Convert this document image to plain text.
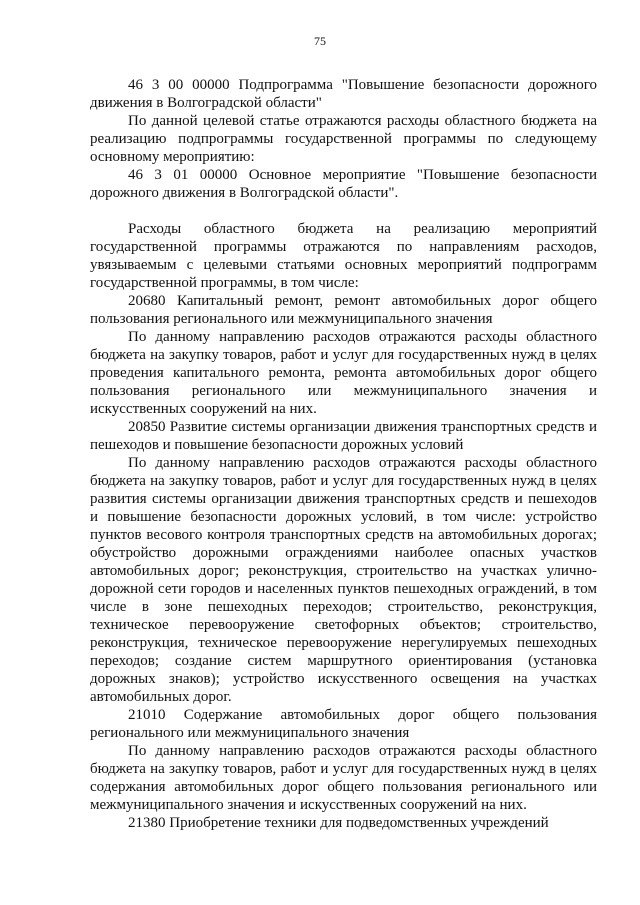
75

46 3 00 00000 Подпрограмма "Повышение безопасности дорожного движения в Волгоградской области"

По данной целевой статье отражаются расходы областного бюджета на реализацию подпрограммы государственной программы по следующему основному мероприятию:

46 3 01 00000 Основное мероприятие "Повышение безопасности дорожного движения в Волгоградской области".

Расходы областного бюджета на реализацию мероприятий государственной программы отражаются по направлениям расходов, увязываемым с целевыми статьями основных мероприятий подпрограмм государственной программы, в том числе:

20680 Капитальный ремонт, ремонт автомобильных дорог общего пользования регионального или межмуниципального значения

По данному направлению расходов отражаются расходы областного бюджета на закупку товаров, работ и услуг для государственных нужд в целях проведения капитального ремонта, ремонта автомобильных дорог общего пользования регионального или межмуниципального значения и искусственных сооружений на них.

20850 Развитие системы организации движения транспортных средств и пешеходов и повышение безопасности дорожных условий

По данному направлению расходов отражаются расходы областного бюджета на закупку товаров, работ и услуг для государственных нужд в целях развития системы организации движения транспортных средств и пешеходов и повышение безопасности дорожных условий, в том числе: устройство пунктов весового контроля транспортных средств на автомобильных дорогах; обустройство дорожными ограждениями наиболее опасных участков автомобильных дорог; реконструкция, строительство на участках улично-дорожной сети городов и населенных пунктов пешеходных ограждений, в том числе в зоне пешеходных переходов; строительство, реконструкция, техническое перевооружение светофорных объектов; строительство, реконструкция, техническое перевооружение нерегулируемых пешеходных переходов; создание систем маршрутного ориентирования (установка дорожных знаков); устройство искусственного освещения на участках автомобильных дорог.

21010 Содержание автомобильных дорог общего пользования регионального или межмуниципального значения

По данному направлению расходов отражаются расходы областного бюджета на закупку товаров, работ и услуг для государственных нужд в целях содержания автомобильных дорог общего пользования регионального или межмуниципального значения и искусственных сооружений на них.

21380 Приобретение техники для подведомственных учреждений
